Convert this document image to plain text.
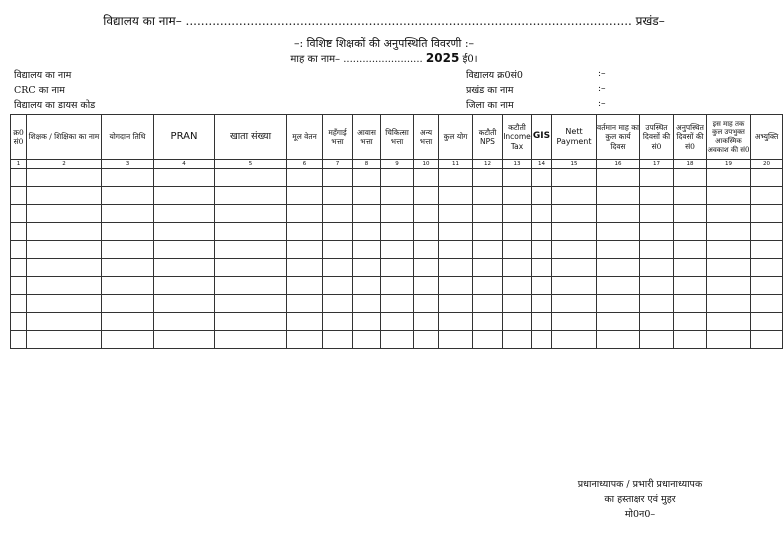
विद्यालय का नाम– ..................................................................................................................... प्रखंड–
–: विशिष्ट शिक्षकों की अनुपस्थिति विवरणी :–
माह का नाम– ......................... 2025 ई0।
विद्यालय का नाम
CRC का नाम
विद्यालय का डायस कोड
विद्यालय क्र0सं0	:–
प्रखंड का नाम	:–
जिला का नाम	:–
क्र0 सं0	शिक्षक / शिक्षिका का नाम	योगदान तिथि	PRAN	खाता संख्या	मूल वेतन	महँगाई भत्ता	आवास भत्ता	चिकित्सा भत्ता	अन्य भत्ता	कुल योग	कटौती NPS	कटौती Income Tax	GIS	Nett Payment	वर्तमान माह का कुल कार्य दिवस	उपस्थित दिवसों की सं0	अनुपस्थित दिवसों की सं0	इस माह तक कुल उपभुक्त आकस्मिक अवकाश की सं0	अभ्युक्ति
1	2	3	4	5	6	7	8	9	10	11	12	13	14	15	16	17	18	19	20

प्रधानाध्यापक / प्रभारी प्रधानाध्यापक
का हस्ताक्षर एवं मुहर
मो0न0–
